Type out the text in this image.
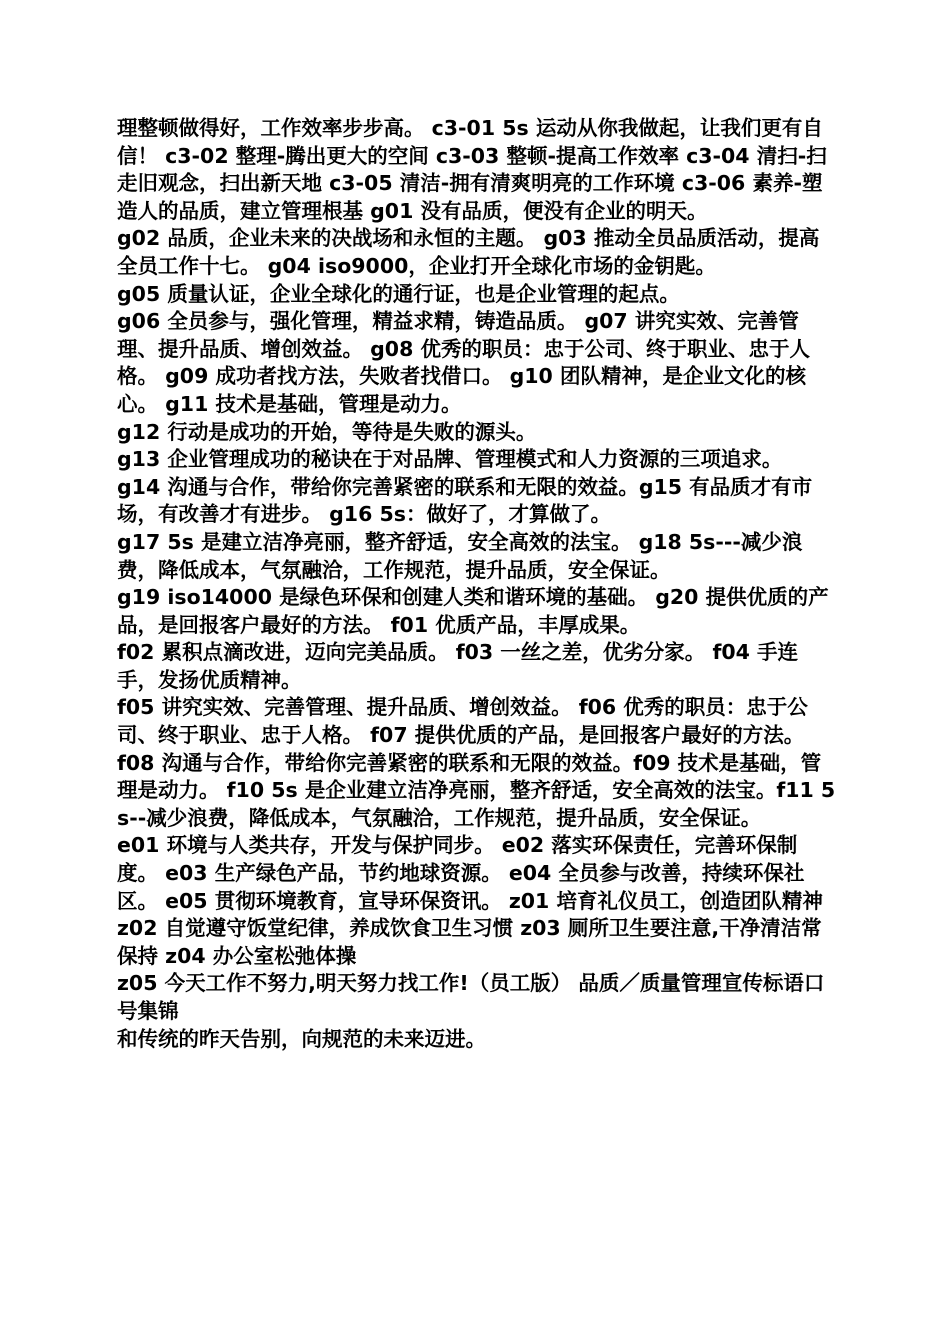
理整顿做得好，工作效率步步高。 c3-01 5s 运动从你我做起，让我们更有自信！ c3-02 整理-腾出更大的空间 c3-03 整顿-提高工作效率 c3-04 清扫-扫走旧观念，扫出新天地 c3-05 清洁-拥有清爽明亮的工作环境 c3-06 素养-塑造人的品质，建立管理根基 g01 没有品质，便没有企业的明天。

g02 品质，企业未来的决战场和永恒的主题。 g03 推动全员品质活动，提高全员工作十七。 g04 iso9000，企业打开全球化市场的金钥匙。

g05 质量认证，企业全球化的通行证，也是企业管理的起点。

g06 全员参与，强化管理，精益求精，铸造品质。 g07 讲究实效、完善管理、提升品质、增创效益。 g08 优秀的职员：忠于公司、终于职业、忠于人格。 g09 成功者找方法，失败者找借口。 g10 团队精神，是企业文化的核心。 g11 技术是基础，管理是动力。

g12 行动是成功的开始，等待是失败的源头。

g13 企业管理成功的秘诀在于对品牌、管理模式和人力资源的三项追求。

g14 沟通与合作，带给你完善紧密的联系和无限的效益。g15 有品质才有市场，有改善才有进步。 g16 5s：做好了，才算做了。

g17 5s 是建立洁净亮丽，整齐舒适，安全高效的法宝。 g18 5s---减少浪费，降低成本，气氛融洽，工作规范，提升品质，安全保证。

g19 iso14000 是绿色环保和创建人类和谐环境的基础。 g20 提供优质的产品，是回报客户最好的方法。 f01 优质产品，丰厚成果。

f02 累积点滴改进，迈向完美品质。 f03 一丝之差，优劣分家。 f04 手连手，发扬优质精神。

f05 讲究实效、完善管理、提升品质、增创效益。 f06 优秀的职员：忠于公司、终于职业、忠于人格。 f07 提供优质的产品，是回报客户最好的方法。

f08 沟通与合作，带给你完善紧密的联系和无限的效益。f09 技术是基础，管理是动力。 f10 5s 是企业建立洁净亮丽，整齐舒适，安全高效的法宝。f11 5s--减少浪费，降低成本，气氛融洽，工作规范，提升品质，安全保证。

e01 环境与人类共存，开发与保护同步。 e02 落实环保责任，完善环保制度。 e03 生产绿色产品，节约地球资源。 e04 全员参与改善，持续环保社区。 e05 贯彻环境教育，宣导环保资讯。 z01 培育礼仪员工，创造团队精神

z02 自觉遵守饭堂纪律，养成饮食卫生习惯 z03 厕所卫生要注意,干净清洁常保持 z04 办公室松弛体操

z05 今天工作不努力,明天努力找工作!（员工版） 品质／质量管理宣传标语口号集锦

和传统的昨天告别，向规范的未来迈进。
